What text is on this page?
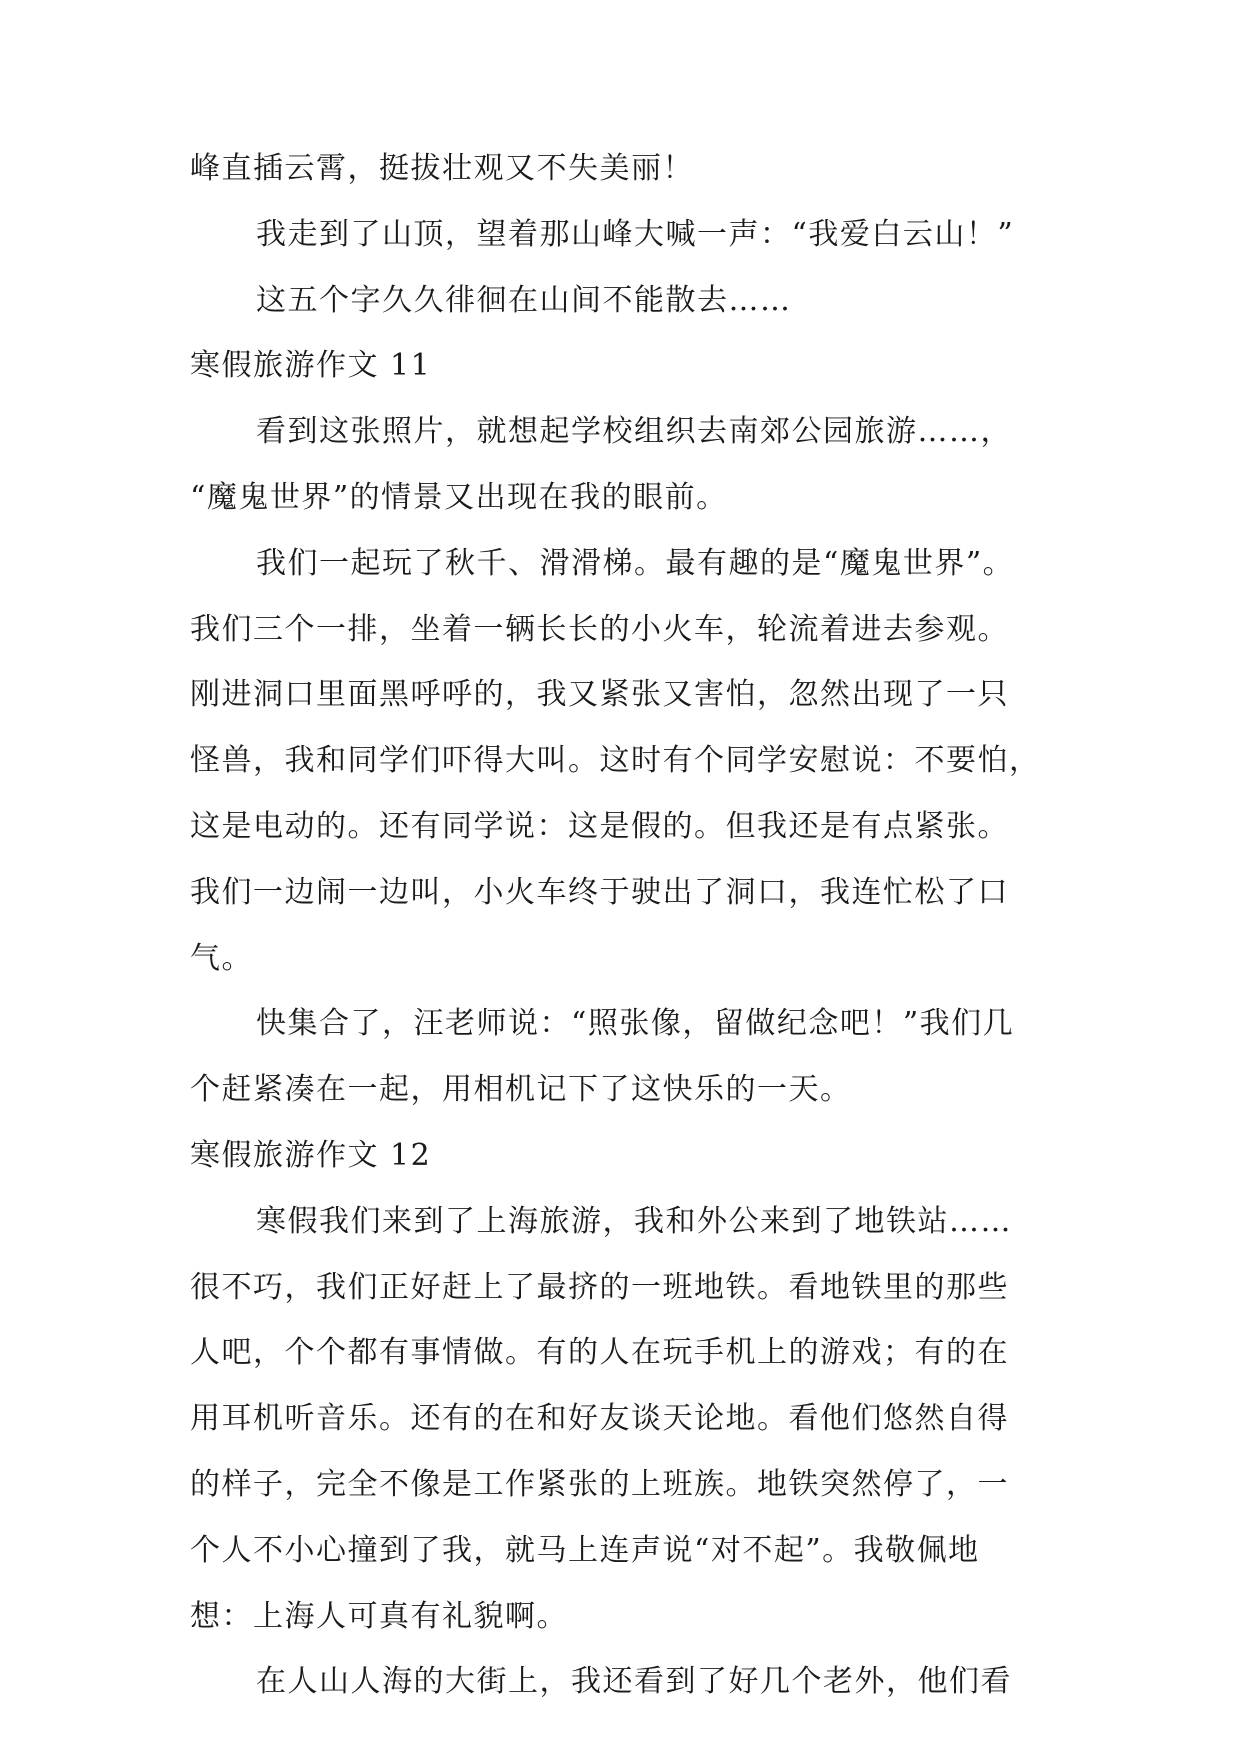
峰直插云霄，挺拔壮观又不失美丽！
我走到了山顶，望着那山峰大喊一声：“我爱白云山！”
这五个字久久徘徊在山间不能散去……
寒假旅游作文 11
看到这张照片，就想起学校组织去南郊公园旅游……，
“魔鬼世界”的情景又出现在我的眼前。
我们一起玩了秋千、滑滑梯。最有趣的是“魔鬼世界”。
我们三个一排，坐着一辆长长的小火车，轮流着进去参观。
刚进洞口里面黑呼呼的，我又紧张又害怕，忽然出现了一只
怪兽，我和同学们吓得大叫。这时有个同学安慰说：不要怕，
这是电动的。还有同学说：这是假的。但我还是有点紧张。
我们一边闹一边叫，小火车终于驶出了洞口，我连忙松了口
气。
快集合了，汪老师说：“照张像，留做纪念吧！”我们几
个赶紧凑在一起，用相机记下了这快乐的一天。
寒假旅游作文 12
寒假我们来到了上海旅游，我和外公来到了地铁站……
很不巧，我们正好赶上了最挤的一班地铁。看地铁里的那些
人吧，个个都有事情做。有的人在玩手机上的游戏；有的在
用耳机听音乐。还有的在和好友谈天论地。看他们悠然自得
的样子，完全不像是工作紧张的上班族。地铁突然停了，一
个人不小心撞到了我，就马上连声说“对不起”。我敬佩地
想：上海人可真有礼貌啊。
在人山人海的大街上，我还看到了好几个老外，他们看
